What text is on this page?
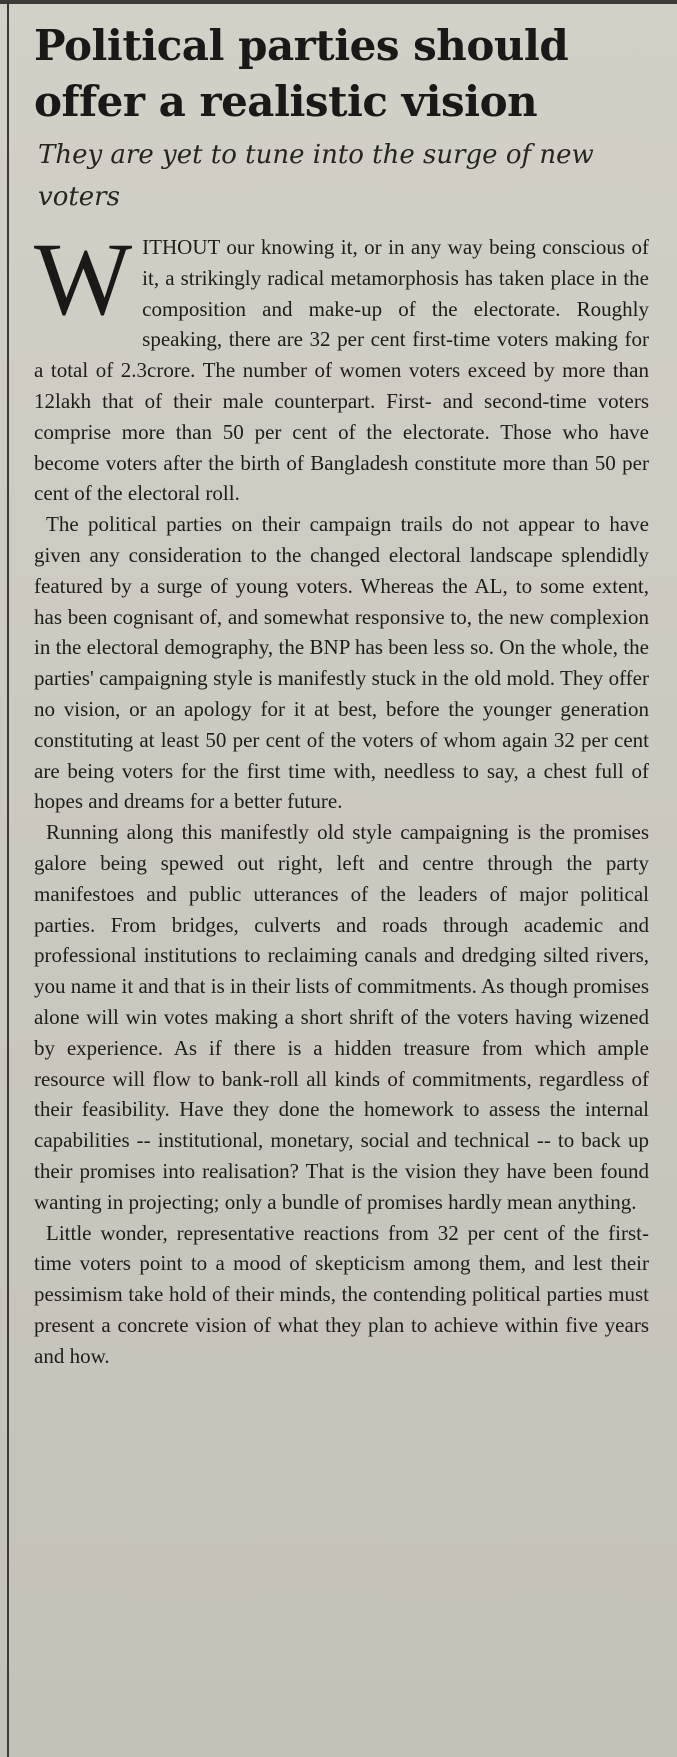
Political parties should offer a realistic vision
They are yet to tune into the surge of new voters

WITHOUT our knowing it, or in any way being conscious of it, a strikingly radical metamorphosis has taken place in the composition and make-up of the electorate. Roughly speaking, there are 32 per cent first-time voters making for a total of 2.3crore. The number of women voters exceed by more than 12lakh that of their male counterpart. First- and second-time voters comprise more than 50 per cent of the electorate. Those who have become voters after the birth of Bangladesh constitute more than 50 per cent of the electoral roll.

The political parties on their campaign trails do not appear to have given any consideration to the changed electoral landscape splendidly featured by a surge of young voters. Whereas the AL, to some extent, has been cognisant of, and somewhat responsive to, the new complexion in the electoral demography, the BNP has been less so. On the whole, the parties' campaigning style is manifestly stuck in the old mold. They offer no vision, or an apology for it at best, before the younger generation constituting at least 50 per cent of the voters of whom again 32 per cent are being voters for the first time with, needless to say, a chest full of hopes and dreams for a better future.

Running along this manifestly old style campaigning is the promises galore being spewed out right, left and centre through the party manifestoes and public utterances of the leaders of major political parties. From bridges, culverts and roads through academic and professional institutions to reclaiming canals and dredging silted rivers, you name it and that is in their lists of commitments. As though promises alone will win votes making a short shrift of the voters having wizened by experience. As if there is a hidden treasure from which ample resource will flow to bank-roll all kinds of commitments, regardless of their feasibility. Have they done the homework to assess the internal capabilities -- institutional, monetary, social and technical -- to back up their promises into realisation? That is the vision they have been found wanting in projecting; only a bundle of promises hardly mean anything.

Little wonder, representative reactions from 32 per cent of the first-time voters point to a mood of skepticism among them, and lest their pessimism take hold of their minds, the contending political parties must present a concrete vision of what they plan to achieve within five years and how.
